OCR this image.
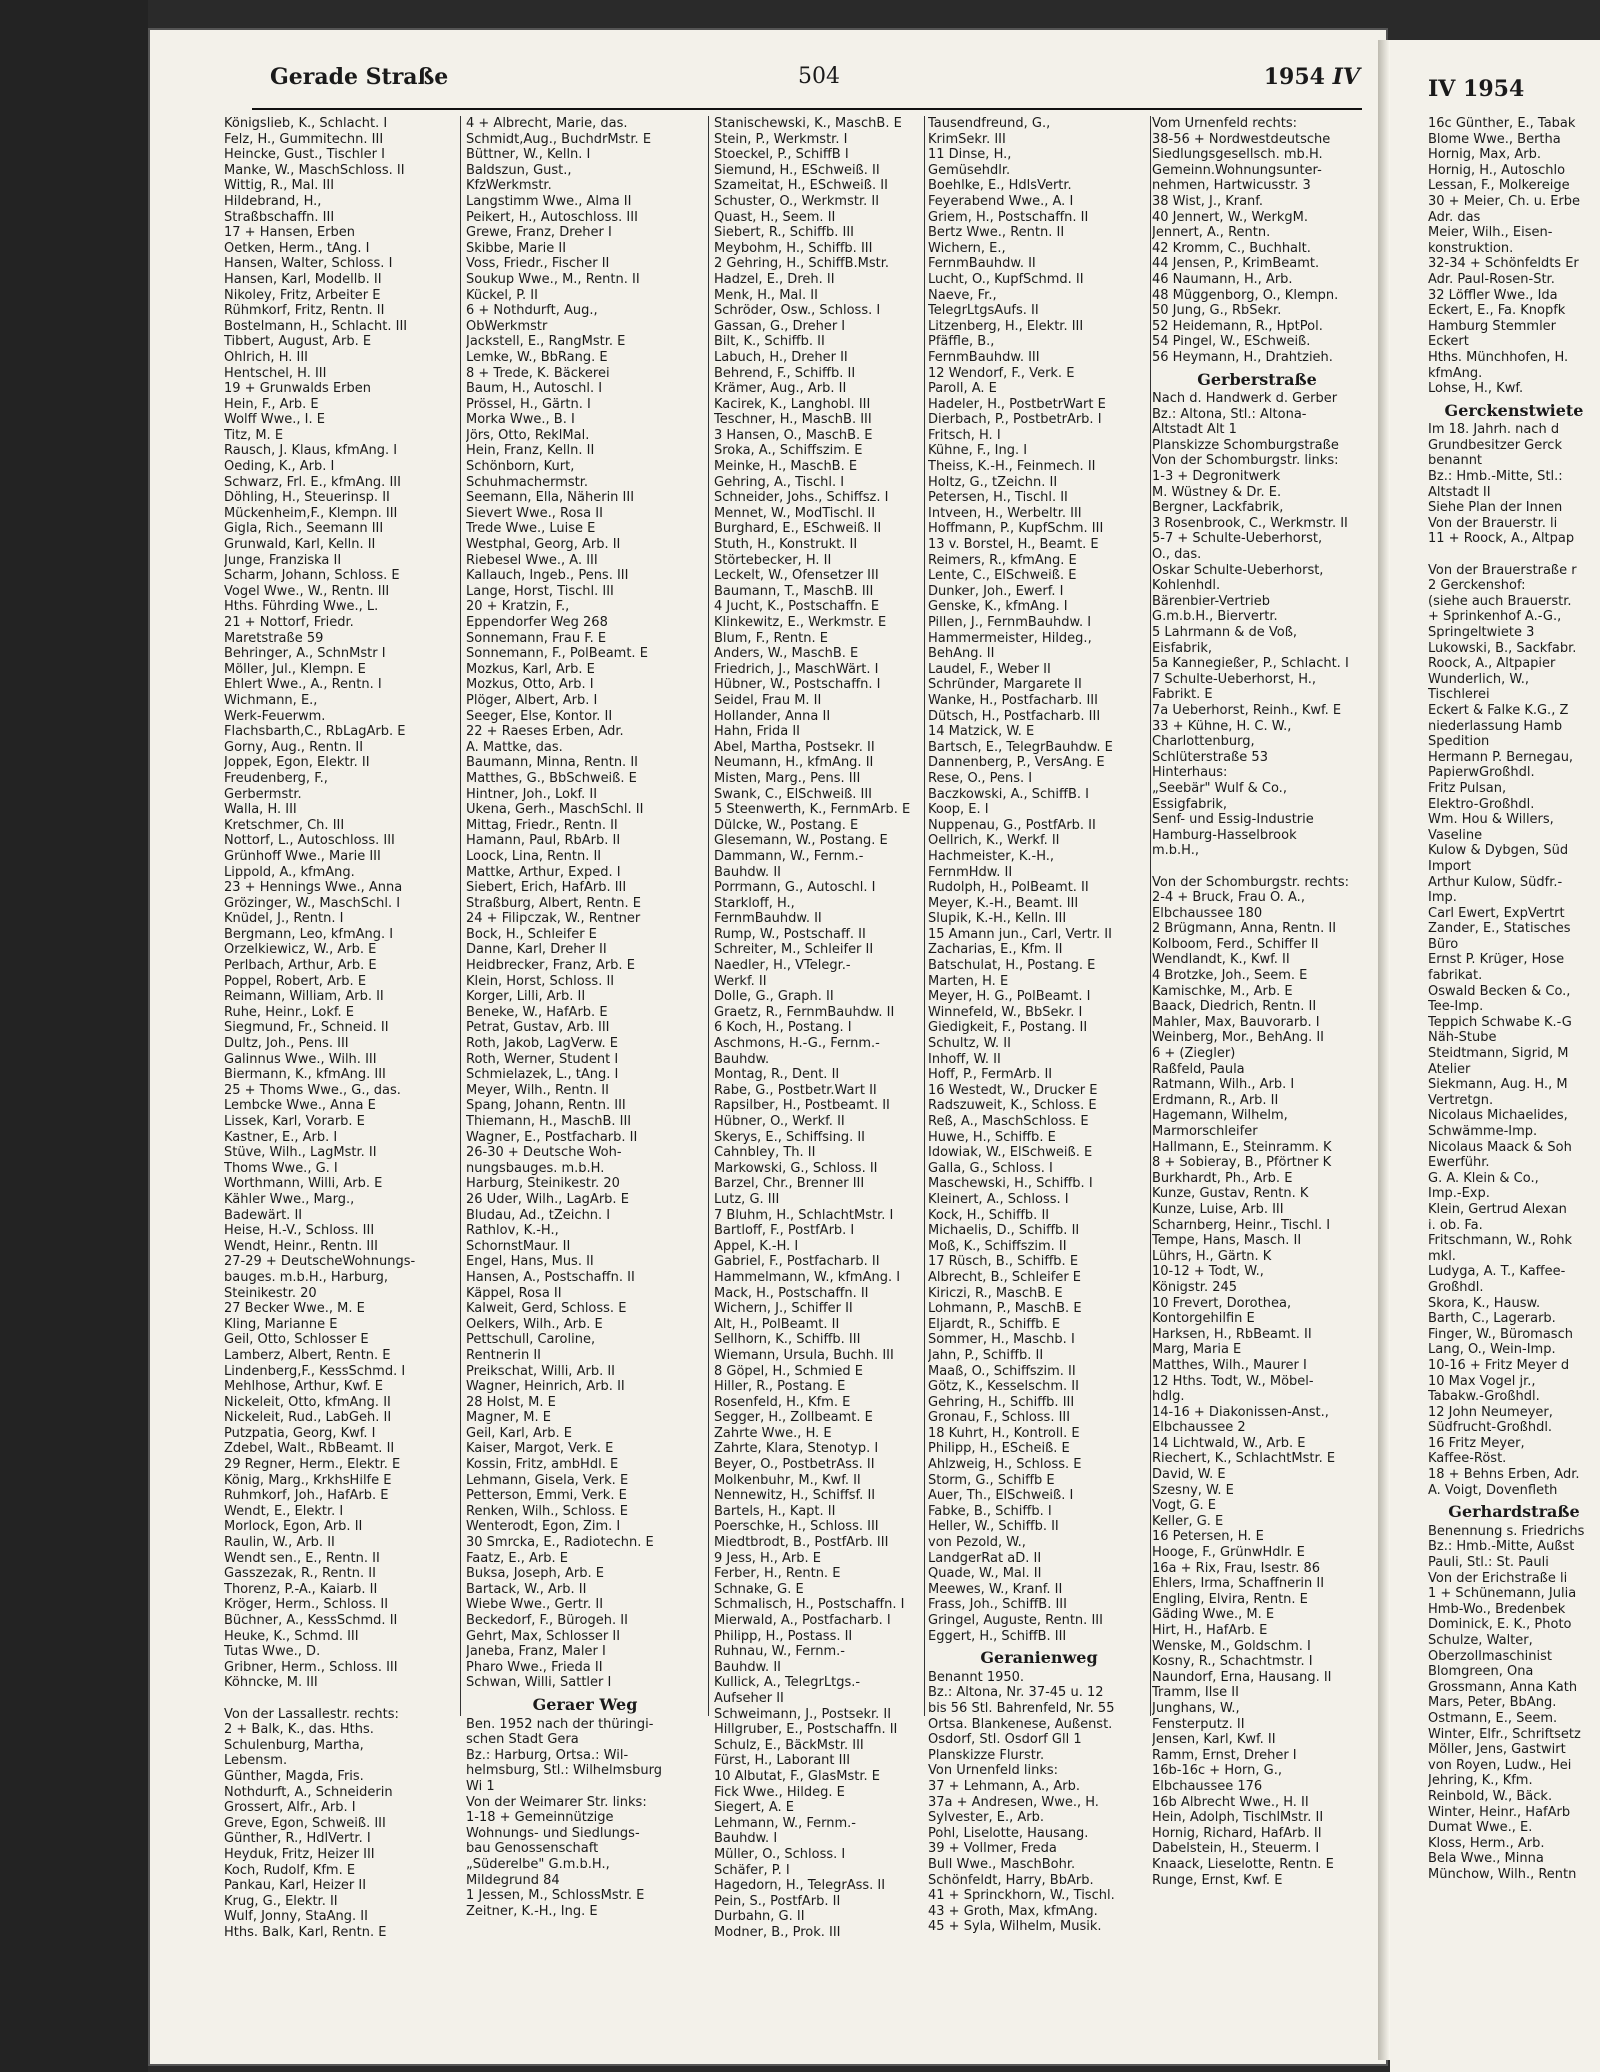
Gerade Straße	504	1954 IV	IV 1954
Königslieb, K., Schlacht. I
Felz, H., Gummitechn. III
Heincke, Gust., Tischler I
Manke, W., MaschSchloss. II
Wittig, R., Mal. III
Hildebrand, H.,
Straßbschaffn. III
17 + Hansen, Erben
Oetken, Herm., tAng. I
Hansen, Walter, Schloss. I
Hansen, Karl, Modellb. II
Nikoley, Fritz, Arbeiter E
Rühmkorf, Fritz, Rentn. II
Bostelmann, H., Schlacht. III
Tibbert, August, Arb. E
Ohlrich, H. III
Hentschel, H. III
19 + Grunwalds Erben
Hein, F., Arb. E
Wolff Wwe., I. E
Titz, M. E
Rausch, J. Klaus, kfmAng. I
Oeding, K., Arb. I
Schwarz, Frl. E., kfmAng. III
Döhling, H., Steuerinsp. II
Mückenheim,F., Klempn. III
Gigla, Rich., Seemann III
Grunwald, Karl, Kelln. II
Junge, Franziska II
Scharm, Johann, Schloss. E
Vogel Wwe., W., Rentn. III
Hths. Führding Wwe., L.
21 + Nottorf, Friedr.
Maretstraße 59
Behringer, A., SchnMstr I
Möller, Jul., Klempn. E
Ehlert Wwe., A., Rentn. I
Wichmann, E.,
Werk-Feuerwm.
Flachsbarth,C., RbLagArb. E
Gorny, Aug., Rentn. II
Joppek, Egon, Elektr. II
Freudenberg, F.,
Gerbermstr.
Walla, H. III
Kretschmer, Ch. III
Nottorf, L., Autoschloss. III
Grünhoff Wwe., Marie III
Lippold, A., kfmAng.
23 + Hennings Wwe., Anna
Grözinger, W., MaschSchl. I
Knüdel, J., Rentn. I
Bergmann, Leo, kfmAng. I
Orzelkiewicz, W., Arb. E
Perlbach, Arthur, Arb. E
Poppel, Robert, Arb. E
Reimann, William, Arb. II
Ruhe, Heinr., Lokf. E
Siegmund, Fr., Schneid. II
Dultz, Joh., Pens. III
Galinnus Wwe., Wilh. III
Biermann, K., kfmAng. III
25 + Thoms Wwe., G., das.
Lembcke Wwe., Anna E
Lissek, Karl, Vorarb. E
Kastner, E., Arb. I
Stüve, Wilh., LagMstr. II
Thoms Wwe., G. I
Worthmann, Willi, Arb. E
Kähler Wwe., Marg.,
Badewärt. II
Heise, H.-V., Schloss. III
Wendt, Heinr., Rentn. III
27-29 + DeutscheWohnungs-
bauges. m.b.H., Harburg,
Steinikestr. 20
27 Becker Wwe., M. E
Kling, Marianne E
Geil, Otto, Schlosser E
Lamberz, Albert, Rentn. E
Lindenberg,F., KessSchmd. I
Mehlhose, Arthur, Kwf. E
Nickeleit, Otto, kfmAng. II
Nickeleit, Rud., LabGeh. II
Putzpatia, Georg, Kwf. I
Zdebel, Walt., RbBeamt. II
29 Regner, Herm., Elektr. E
König, Marg., KrkhsHilfe E
Ruhmkorf, Joh., HafArb. E
Wendt, E., Elektr. I
Morlock, Egon, Arb. II
Raulin, W., Arb. II
Wendt sen., E., Rentn. II
Gasszezak, R., Rentn. II
Thorenz, P.-A., Kaiarb. II
Kröger, Herm., Schloss. II
Büchner, A., KessSchmd. II
Heuke, K., Schmd. III
Tutas Wwe., D.
Gribner, Herm., Schloss. III
Köhncke, M. III

Von der Lassallestr. rechts:
2 + Balk, K., das. Hths.
Schulenburg, Martha,
Lebensm.
Günther, Magda, Fris.
Nothdurft, A., Schneiderin
Grossert, Alfr., Arb. I
Greve, Egon, Schweiß. III
Günther, R., HdlVertr. I
Heyduk, Fritz, Heizer III
Koch, Rudolf, Kfm. E
Pankau, Karl, Heizer II
Krug, G., Elektr. II
Wulf, Jonny, StaAng. II
Hths. Balk, Karl, Rentn. E
4 + Albrecht, Marie, das.
Schmidt,Aug., BuchdrMstr. E
Büttner, W., Kelln. I
Baldszun, Gust.,
KfzWerkmstr.
Langstimm Wwe., Alma II
Peikert, H., Autoschloss. III
Grewe, Franz, Dreher I
Skibbe, Marie II
Voss, Friedr., Fischer II
Soukup Wwe., M., Rentn. II
Kückel, P. II
6 + Nothdurft, Aug.,
ObWerkmstr
Jackstell, E., RangMstr. E
Lemke, W., BbRang. E
8 + Trede, K. Bäckerei
Baum, H., Autoschl. I
Prössel, H., Gärtn. I
Morka Wwe., B. I
Jörs, Otto, ReklMal.
Hein, Franz, Kelln. II
Schönborn, Kurt,
Schuhmachermstr.
Seemann, Ella, Näherin III
Sievert Wwe., Rosa II
Trede Wwe., Luise E
Westphal, Georg, Arb. II
Riebesel Wwe., A. III
Kallauch, Ingeb., Pens. III
Lange, Horst, Tischl. III
20 + Kratzin, F.,
Eppendorfer Weg 268
Sonnemann, Frau F. E
Sonnemann, F., PolBeamt. E
Mozkus, Karl, Arb. E
Mozkus, Otto, Arb. I
Plöger, Albert, Arb. I
Seeger, Else, Kontor. II
22 + Raeses Erben, Adr.
A. Mattke, das.
Baumann, Minna, Rentn. II
Matthes, G., BbSchweiß. E
Hintner, Joh., Lokf. II
Ukena, Gerh., MaschSchl. II
Mittag, Friedr., Rentn. II
Hamann, Paul, RbArb. II
Loock, Lina, Rentn. II
Mattke, Arthur, Exped. I
Siebert, Erich, HafArb. III
Straßburg, Albert, Rentn. E
24 + Filipczak, W., Rentner
Bock, H., Schleifer E
Danne, Karl, Dreher II
Heidbrecker, Franz, Arb. E
Klein, Horst, Schloss. II
Korger, Lilli, Arb. II
Beneke, W., HafArb. E
Petrat, Gustav, Arb. III
Roth, Jakob, LagVerw. E
Roth, Werner, Student I
Schmielazek, L., tAng. I
Meyer, Wilh., Rentn. II
Spang, Johann, Rentn. III
Thiemann, H., MaschB. III
Wagner, E., Postfacharb. II
26-30 + Deutsche Woh-
nungsbauges. m.b.H.
Harburg, Steinikestr. 20
26 Uder, Wilh., LagArb. E
Bludau, Ad., tZeichn. I
Rathlov, K.-H.,
SchornstMaur. II
Engel, Hans, Mus. II
Hansen, A., Postschaffn. II
Käppel, Rosa II
Kalweit, Gerd, Schloss. E
Oelkers, Wilh., Arb. E
Pettschull, Caroline,
Rentnerin II
Preikschat, Willi, Arb. II
Wagner, Heinrich, Arb. II
28 Holst, M. E
Magner, M. E
Geil, Karl, Arb. E
Kaiser, Margot, Verk. E
Kossin, Fritz, ambHdl. E
Lehmann, Gisela, Verk. E
Petterson, Emmi, Verk. E
Renken, Wilh., Schloss. E
Wenterodt, Egon, Zim. I
30 Smrcka, E., Radiotechn. E
Faatz, E., Arb. E
Buksa, Joseph, Arb. E
Bartack, W., Arb. II
Wiebe Wwe., Gertr. II
Beckedorf, F., Bürogeh. II
Gehrt, Max, Schlosser II
Janeba, Franz, Maler I
Pharo Wwe., Frieda II
Schwan, Willi, Sattler I
Geraer Weg
Ben. 1952 nach der thüringi-
schen Stadt Gera
Bz.: Harburg, Ortsa.: Wil-
helmsburg, Stl.: Wilhelmsburg
Wi 1
Von der Weimarer Str. links:
1-18 + Gemeinnützige
Wohnungs- und Siedlungs-
bau Genossenschaft
„Süderelbe" G.m.b.H.,
Mildegrund 84
1 Jessen, M., SchlossMstr. E
Zeitner, K.-H., Ing. E
Stanischewski, K., MaschB. E
Stein, P., Werkmstr. I
Stoeckel, P., SchiffB I
Siemund, H., ESchweiß. II
Szameitat, H., ESchweiß. II
Schuster, O., Werkmstr. II
Quast, H., Seem. II
Siebert, R., Schiffb. III
Meybohm, H., Schiffb. III
2 Gehring, H., SchiffB.Mstr.
Hadzel, E., Dreh. II
Menk, H., Mal. II
Schröder, Osw., Schloss. I
Gassan, G., Dreher I
Bilt, K., Schiffb. II
Labuch, H., Dreher II
Behrend, F., Schiffb. II
Krämer, Aug., Arb. II
Kacirek, K., Langhobl. III
Teschner, H., MaschB. III
3 Hansen, O., MaschB. E
Sroka, A., Schiffszim. E
Meinke, H., MaschB. E
Gehring, A., Tischl. I
Schneider, Johs., Schiffsz. I
Mennet, W., ModTischl. II
Burghard, E., ESchweiß. II
Stuth, H., Konstrukt. II
Störtebecker, H. II
Leckelt, W., Ofensetzer III
Baumann, T., MaschB. III
4 Jucht, K., Postschaffn. E
Klinkewitz, E., Werkmstr. E
Blum, F., Rentn. E
Anders, W., MaschB. E
Friedrich, J., MaschWärt. I
Hübner, W., Postschaffn. I
Seidel, Frau M. II
Hollander, Anna II
Hahn, Frida II
Abel, Martha, Postsekr. II
Neumann, H., kfmAng. II
Misten, Marg., Pens. III
Swank, C., ElSchweiß. III
5 Steenwerth, K., FernmArb. E
Dülcke, W., Postang. E
Glesemann, W., Postang. E
Dammann, W., Fernm.-
Bauhdw. II
Porrmann, G., Autoschl. I
Starkloff, H.,
FernmBauhdw. II
Rump, W., Postschaff. II
Schreiter, M., Schleifer II
Naedler, H., VTelegr.-
Werkf. II
Dolle, G., Graph. II
Graetz, R., FernmBauhdw. II
6 Koch, H., Postang. I
Aschmons, H.-G., Fernm.-
Bauhdw.
Montag, R., Dent. II
Rabe, G., Postbetr.Wart II
Rapsilber, H., Postbeamt. II
Hübner, O., Werkf. II
Skerys, E., Schiffsing. II
Cahnbley, Th. II
Markowski, G., Schloss. II
Barzel, Chr., Brenner III
Lutz, G. III
7 Bluhm, H., SchlachtMstr. I
Bartloff, F., PostfArb. I
Appel, K.-H. I
Gabriel, F., Postfacharb. II
Hammelmann, W., kfmAng. I
Mack, H., Postschaffn. II
Wichern, J., Schiffer II
Alt, H., PolBeamt. II
Sellhorn, K., Schiffb. III
Wiemann, Ursula, Buchh. III
8 Göpel, H., Schmied E
Hiller, R., Postang. E
Rosenfeld, H., Kfm. E
Segger, H., Zollbeamt. E
Zahrte Wwe., H. E
Zahrte, Klara, Stenotyp. I
Beyer, O., PostbetrAss. II
Molkenbuhr, M., Kwf. II
Nennewitz, H., Schiffsf. II
Bartels, H., Kapt. II
Poerschke, H., Schloss. III
Miedtbrodt, B., PostfArb. III
9 Jess, H., Arb. E
Ferber, H., Rentn. E
Schnake, G. E
Schmalisch, H., Postschaffn. I
Mierwald, A., Postfacharb. I
Philipp, H., Postass. II
Ruhnau, W., Fernm.-
Bauhdw. II
Kullick, A., TelegrLtgs.-
Aufseher II
Schweimann, J., Postsekr. II
Hillgruber, E., Postschaffn. II
Schulz, E., BäckMstr. III
Fürst, H., Laborant III
10 Albutat, F., GlasMstr. E
Fick Wwe., Hildeg. E
Siegert, A. E
Lehmann, W., Fernm.-
Bauhdw. I
Müller, O., Schloss. I
Schäfer, P. I
Hagedorn, H., TelegrAss. II
Pein, S., PostfArb. II
Durbahn, G. II
Modner, B., Prok. III
Tausendfreund, G.,
KrimSekr. III
11 Dinse, H.,
Gemüsehdlr.
Boehlke, E., HdlsVertr.
Feyerabend Wwe., A. I
Griem, H., Postschaffn. II
Bertz Wwe., Rentn. II
Wichern, E.,
FernmBauhdw. II
Lucht, O., KupfSchmd. II
Naeve, Fr.,
TelegrLtgsAufs. II
Litzenberg, H., Elektr. III
Pfäffle, B.,
FernmBauhdw. III
12 Wendorf, F., Verk. E
Paroll, A. E
Hadeler, H., PostbetrWart E
Dierbach, P., PostbetrArb. I
Fritsch, H. I
Kühne, F., Ing. I
Theiss, K.-H., Feinmech. II
Holtz, G., tZeichn. II
Petersen, H., Tischl. II
Intveen, H., Werbeltr. III
Hoffmann, P., KupfSchm. III
13 v. Borstel, H., Beamt. E
Reimers, R., kfmAng. E
Lente, C., ElSchweiß. E
Dunker, Joh., Ewerf. I
Genske, K., kfmAng. I
Pillen, J., FernmBauhdw. I
Hammermeister, Hildeg.,
BehAng. II
Laudel, F., Weber II
Schründer, Margarete II
Wanke, H., Postfacharb. III
Dütsch, H., Postfacharb. III
14 Matzick, W. E
Bartsch, E., TelegrBauhdw. E
Dannenberg, P., VersAng. E
Rese, O., Pens. I
Baczkowski, A., SchiffB. I
Koop, E. I
Nuppenau, G., PostfArb. II
Oellrich, K., Werkf. II
Hachmeister, K.-H.,
FernmHdw. II
Rudolph, H., PolBeamt. II
Meyer, K.-H., Beamt. III
Slupik, K.-H., Kelln. III
15 Amann jun., Carl, Vertr. II
Zacharias, E., Kfm. II
Batschulat, H., Postang. E
Marten, H. E
Meyer, H. G., PolBeamt. I
Winnefeld, W., BbSekr. I
Giedigkeit, F., Postang. II
Schultz, W. II
Inhoff, W. II
Hoff, P., FermArb. II
16 Westedt, W., Drucker E
Radszuweit, K., Schloss. E
Reß, A., MaschSchloss. E
Huwe, H., Schiffb. E
Idowiak, W., ElSchweiß. E
Galla, G., Schloss. I
Maschewski, H., Schiffb. I
Kleinert, A., Schloss. I
Kock, H., Schiffb. II
Michaelis, D., Schiffb. II
Moß, K., Schiffszim. II
17 Rüsch, B., Schiffb. E
Albrecht, B., Schleifer E
Kiriczi, R., MaschB. E
Lohmann, P., MaschB. E
Eljardt, R., Schiffb. E
Sommer, H., Maschb. I
Jahn, P., Schiffb. II
Maaß, O., Schiffszim. II
Götz, K., Kesselschm. II
Gehring, H., Schiffb. III
Gronau, F., Schloss. III
18 Kuhrt, H., Kontroll. E
Philipp, H., EScheiß. E
Ahlzweig, H., Schloss. E
Storm, G., Schiffb E
Auer, Th., ElSchweiß. I
Fabke, B., Schiffb. I
Heller, W., Schiffb. II
von Pezold, W.,
LandgerRat aD. II
Quade, W., Mal. II
Meewes, W., Kranf. II
Frass, Joh., SchiffB. III
Gringel, Auguste, Rentn. III
Eggert, H., SchiffB. III
Geranienweg
Benannt 1950.
Bz.: Altona, Nr. 37-45 u. 12
bis 56 Stl. Bahrenfeld, Nr. 55
Ortsa. Blankenese, Außenst.
Osdorf, Stl. Osdorf Gll 1
Planskizze Flurstr.
Von Urnenfeld links:
37 + Lehmann, A., Arb.
37a + Andresen, Wwe., H.
Sylvester, E., Arb.
Pohl, Liselotte, Hausang.
39 + Vollmer, Freda
Bull Wwe., MaschBohr.
Schönfeldt, Harry, BbArb.
41 + Sprinckhorn, W., Tischl.
43 + Groth, Max, kfmAng.
45 + Syla, Wilhelm, Musik.
Vom Urnenfeld rechts:
38-56 + Nordwestdeutsche
Siedlungsgesellsch. mb.H.
Gemeinn.Wohnungsunter-
nehmen, Hartwicusstr. 3
38 Wist, J., Kranf.
40 Jennert, W., WerkgM.
Jennert, A., Rentn.
42 Kromm, C., Buchhalt.
44 Jensen, P., KrimBeamt.
46 Naumann, H., Arb.
48 Müggenborg, O., Klempn.
50 Jung, G., RbSekr.
52 Heidemann, R., HptPol.
54 Pingel, W., ESchweiß.
56 Heymann, H., Drahtzieh.
Gerberstraße
Nach d. Handwerk d. Gerber
Bz.: Altona, Stl.: Altona-
Altstadt Alt 1
Planskizze Schomburgstraße
Von der Schomburgstr. links:
1-3 + Degronitwerk
M. Wüstney & Dr. E.
Bergner, Lackfabrik,
3 Rosenbrook, C., Werkmstr. II
5-7 + Schulte-Ueberhorst,
O., das.
Oskar Schulte-Ueberhorst,
Kohlenhdl.
Bärenbier-Vertrieb
G.m.b.H., Biervertr.
5 Lahrmann & de Voß,
Eisfabrik,
5a Kannegießer, P., Schlacht. I
7 Schulte-Ueberhorst, H.,
Fabrikt. E
7a Ueberhorst, Reinh., Kwf. E
33 + Kühne, H. C. W.,
Charlottenburg,
Schlüterstraße 53
Hinterhaus:
„Seebär" Wulf & Co.,
Essigfabrik,
Senf- und Essig-Industrie
Hamburg-Hasselbrook
m.b.H.,

Von der Schomburgstr. rechts:
2-4 + Bruck, Frau O. A.,
Elbchaussee 180
2 Brügmann, Anna, Rentn. II
Kolboom, Ferd., Schiffer II
Wendlandt, K., Kwf. II
4 Brotzke, Joh., Seem. E
Kamischke, M., Arb. E
Baack, Diedrich, Rentn. II
Mahler, Max, Bauvorarb. I
Weinberg, Mor., BehAng. II
6 + (Ziegler)
Raßfeld, Paula
Ratmann, Wilh., Arb. I
Erdmann, R., Arb. II
Hagemann, Wilhelm,
Marmorschleifer
Hallmann, E., Steinramm. K
8 + Sobieray, B., Pförtner K
Burkhardt, Ph., Arb. E
Kunze, Gustav, Rentn. K
Kunze, Luise, Arb. III
Scharnberg, Heinr., Tischl. I
Tempe, Hans, Masch. II
Lührs, H., Gärtn. K
10-12 + Todt, W.,
Königstr. 245
10 Frevert, Dorothea,
Kontorgehilfin E
Harksen, H., RbBeamt. II
Marg, Maria E
Matthes, Wilh., Maurer I
12 Hths. Todt, W., Möbel-
hdlg.
14-16 + Diakonissen-Anst.,
Elbchaussee 2
14 Lichtwald, W., Arb. E
Riechert, K., SchlachtMstr. E
David, W. E
Szesny, W. E
Vogt, G. E
Keller, G. E
16 Petersen, H. E
Hooge, F., GrünwHdlr. E
16a + Rix, Frau, Isestr. 86
Ehlers, Irma, Schaffnerin II
Engling, Elvira, Rentn. E
Gäding Wwe., M. E
Hirt, H., HafArb. E
Wenske, M., Goldschm. I
Kosny, R., Schachtmstr. I
Naundorf, Erna, Hausang. II
Tramm, Ilse II
Junghans, W.,
Fensterputz. II
Jensen, Karl, Kwf. II
Ramm, Ernst, Dreher I
16b-16c + Horn, G.,
Elbchaussee 176
16b Albrecht Wwe., H. II
Hein, Adolph, TischlMstr. II
Hornig, Richard, HafArb. II
Dabelstein, H., Steuerm. I
Knaack, Lieselotte, Rentn. E
Runge, Ernst, Kwf. E
16c Günther, E., Tabak
Blome Wwe., Bertha
Hornig, Max, Arb.
Hornig, H., Autoschlo
Lessan, F., Molkereige
30 + Meier, Ch. u. Erbe
Adr. das
Meier, Wilh., Eisen-
konstruktion.
32-34 + Schönfeldts Er
Adr. Paul-Rosen-Str.
32 Löffler Wwe., Ida
Eckert, E., Fa. Knopfk
Hamburg Stemmler
Eckert
Hths. Münchhofen, H.
kfmAng.
Lohse, H., Kwf.
Gerckenstwiete
Im 18. Jahrh. nach d
Grundbesitzer Gerck
benannt
Bz.: Hmb.-Mitte, Stl.:
Altstadt II
Siehe Plan der Innen
Von der Brauerstr. li
11 + Roock, A., Altpap

Von der Brauerstraße r
2 Gerckenshof:
(siehe auch Brauerstr.
+ Sprinkenhof A.-G.,
Springeltwiete 3
Lukowski, B., Sackfabr.
Roock, A., Altpapier
Wunderlich, W.,
Tischlerei
Eckert & Falke K.G., Z
niederlassung Hamb
Spedition
Hermann P. Bernegau,
PapierwGroßhdl.
Fritz Pulsan,
Elektro-Großhdl.
Wm. Hou & Willers,
Vaseline
Kulow & Dybgen, Süd
Import
Arthur Kulow, Südfr.-
Imp.
Carl Ewert, ExpVertrt
Zander, E., Statisches
Büro
Ernst P. Krüger, Hose
fabrikat.
Oswald Becken & Co.,
Tee-Imp.
Teppich Schwabe K.-G
Näh-Stube
Steidtmann, Sigrid, M
Atelier
Siekmann, Aug. H., M
Vertretgn.
Nicolaus Michaelides,
Schwämme-Imp.
Nicolaus Maack & Soh
Ewerführ.
G. A. Klein & Co.,
Imp.-Exp.
Klein, Gertrud Alexan
i. ob. Fa.
Fritschmann, W., Rohk
mkl.
Ludyga, A. T., Kaffee-
Großhdl.
Skora, K., Hausw.
Barth, C., Lagerarb.
Finger, W., Büromasch
Lang, O., Wein-Imp.
10-16 + Fritz Meyer d
10 Max Vogel jr.,
Tabakw.-Großhdl.
12 John Neumeyer,
Südfrucht-Großhdl.
16 Fritz Meyer,
Kaffee-Röst.
18 + Behns Erben, Adr.
A. Voigt, Dovenfleth
Gerhardstraße
Benennung s. Friedrichs
Bz.: Hmb.-Mitte, Außst
Pauli, Stl.: St. Pauli
Von der Erichstraße li
1 + Schünemann, Julia
Hmb-Wo., Bredenbek
Dominick, E. K., Photo
Schulze, Walter,
Oberzollmaschinist
Blomgreen, Ona
Grossmann, Anna Kath
Mars, Peter, BbAng.
Ostmann, E., Seem.
Winter, Elfr., Schriftsetz
Möller, Jens, Gastwirt
von Royen, Ludw., Hei
Jehring, K., Kfm.
Reinbold, W., Bäck.
Winter, Heinr., HafArb
Dumat Wwe., E.
Kloss, Herm., Arb.
Bela Wwe., Minna
Münchow, Wilh., Rentn
